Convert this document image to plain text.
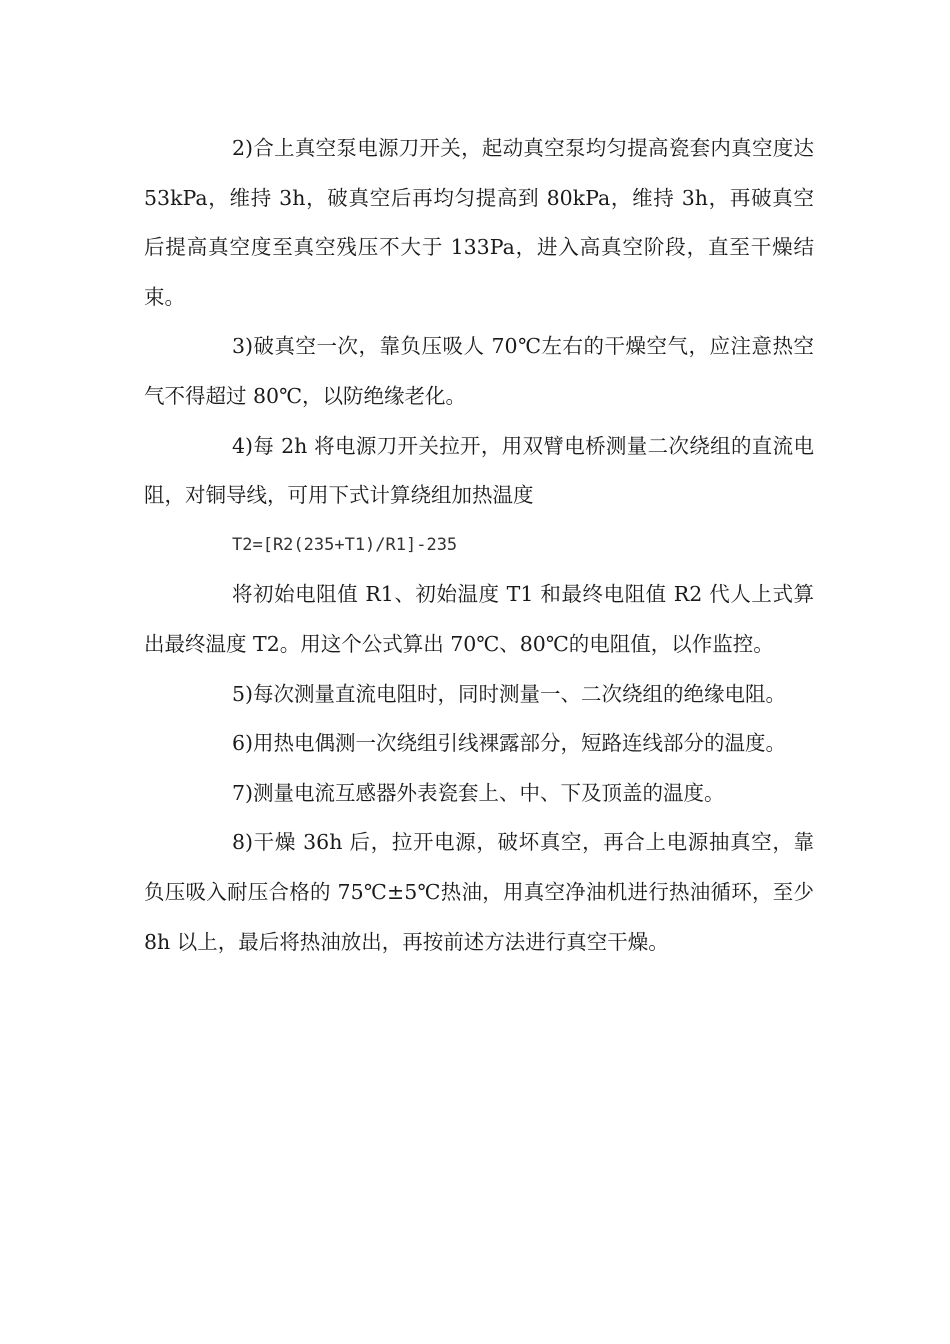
2)合上真空泵电源刀开关，起动真空泵均匀提高瓷套内真空度达 53kPa，维持 3h，破真空后再均匀提高到 80kPa，维持 3h，再破真空后提高真空度至真空残压不大于 133Pa，进入高真空阶段，直至干燥结束。

3)破真空一次，靠负压吸人 70℃左右的干燥空气，应注意热空气不得超过 80℃，以防绝缘老化。

4)每 2h 将电源刀开关拉开，用双臂电桥测量二次绕组的直流电阻，对铜导线，可用下式计算绕组加热温度

T2=[R2(235+T1)/R1]-235

将初始电阻值 R1、初始温度 T1 和最终电阻值 R2 代人上式算出最终温度 T2。用这个公式算出 70℃、80℃的电阻值，以作监控。

5)每次测量直流电阻时，同时测量一、二次绕组的绝缘电阻。

6)用热电偶测一次绕组引线裸露部分，短路连线部分的温度。

7)测量电流互感器外表瓷套上、中、下及顶盖的温度。

8)干燥 36h 后，拉开电源，破坏真空，再合上电源抽真空，靠负压吸入耐压合格的 75℃±5℃热油，用真空净油机进行热油循环，至少 8h 以上，最后将热油放出，再按前述方法进行真空干燥。
